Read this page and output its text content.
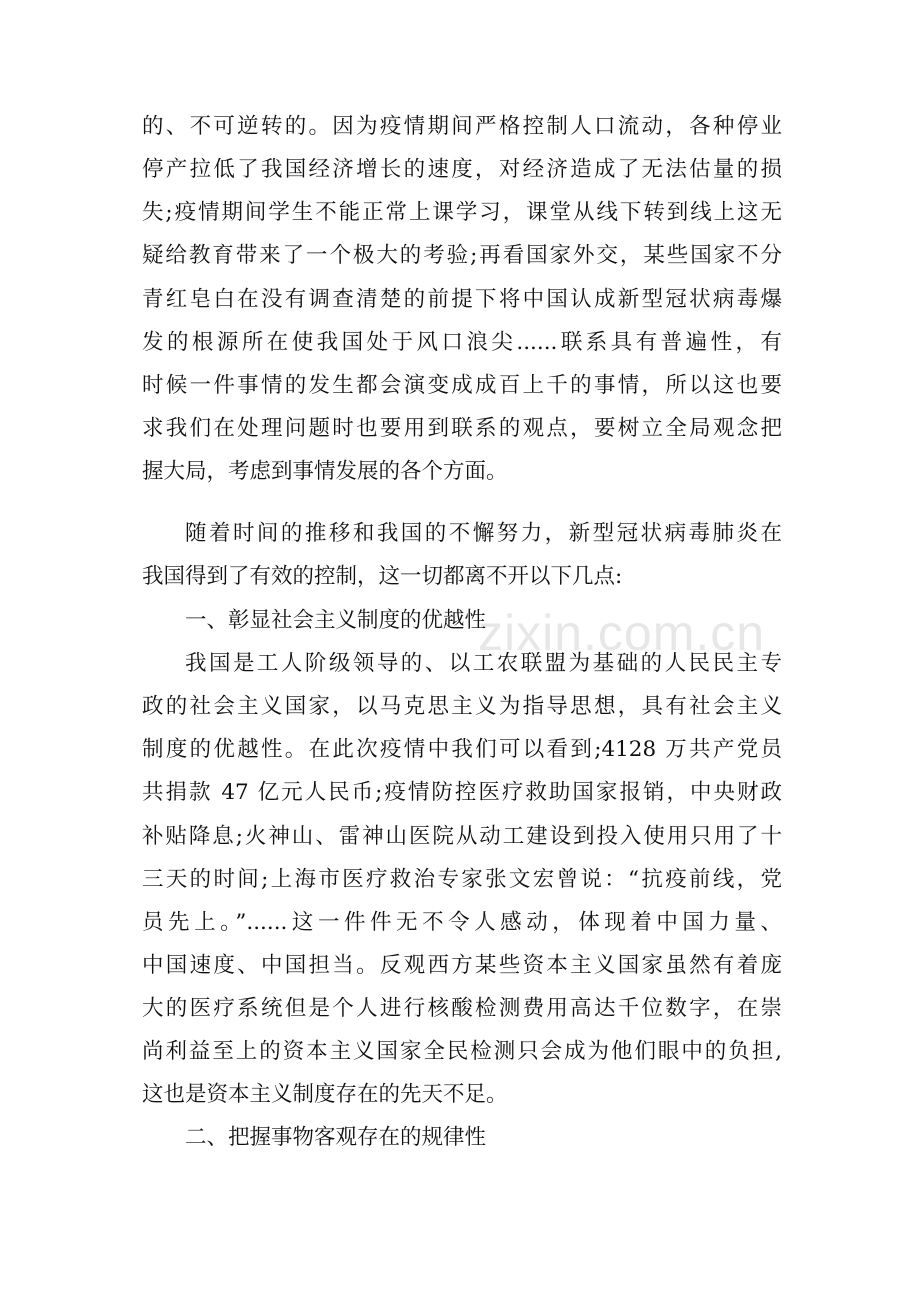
的、不可逆转的。因为疫情期间严格控制人口流动，各种停业
停产拉低了我国经济增长的速度，对经济造成了无法估量的损
失;疫情期间学生不能正常上课学习，课堂从线下转到线上这无
疑给教育带来了一个极大的考验;再看国家外交，某些国家不分
青红皂白在没有调查清楚的前提下将中国认成新型冠状病毒爆
发的根源所在使我国处于风口浪尖......联系具有普遍性，有
时候一件事情的发生都会演变成成百上千的事情，所以这也要
求我们在处理问题时也要用到联系的观点，要树立全局观念把
握大局，考虑到事情发展的各个方面。
随着时间的推移和我国的不懈努力，新型冠状病毒肺炎在
我国得到了有效的控制，这一切都离不开以下几点:
一、彰显社会主义制度的优越性
我国是工人阶级领导的、以工农联盟为基础的人民民主专
政的社会主义国家，以马克思主义为指导思想，具有社会主义
制度的优越性。在此次疫情中我们可以看到;4128 万共产党员
共捐款 47 亿元人民币;疫情防控医疗救助国家报销，中央财政
补贴降息;火神山、雷神山医院从动工建设到投入使用只用了十
三天的时间;上海市医疗救治专家张文宏曾说：“抗疫前线，党
员先上。”......这一件件无不令人感动，体现着中国力量、
中国速度、中国担当。反观西方某些资本主义国家虽然有着庞
大的医疗系统但是个人进行核酸检测费用高达千位数字，在崇
尚利益至上的资本主义国家全民检测只会成为他们眼中的负担,
这也是资本主义制度存在的先天不足。
二、把握事物客观存在的规律性
zixin.com.cn
